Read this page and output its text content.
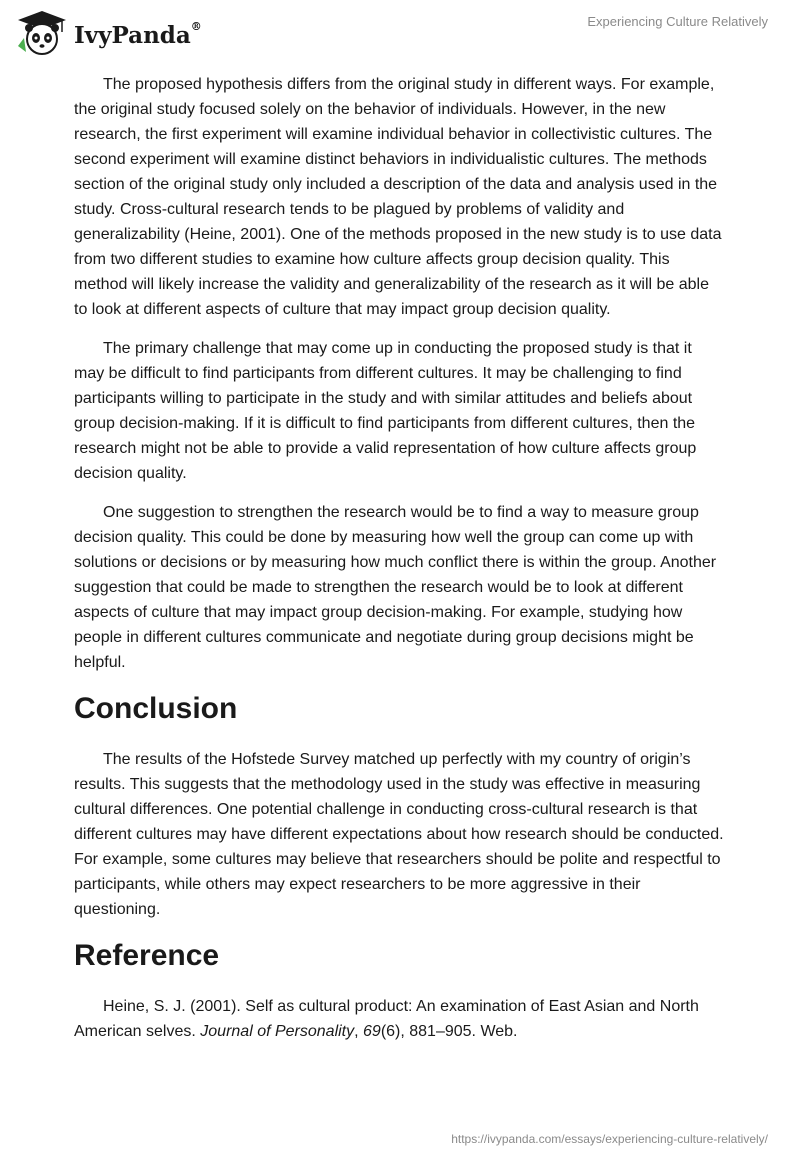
IvyPanda®	Experiencing Culture Relatively

The proposed hypothesis differs from the original study in different ways. For example, the original study focused solely on the behavior of individuals. However, in the new research, the first experiment will examine individual behavior in collectivistic cultures. The second experiment will examine distinct behaviors in individualistic cultures. The methods section of the original study only included a description of the data and analysis used in the study. Cross-cultural research tends to be plagued by problems of validity and generalizability (Heine, 2001). One of the methods proposed in the new study is to use data from two different studies to examine how culture affects group decision quality. This method will likely increase the validity and generalizability of the research as it will be able to look at different aspects of culture that may impact group decision quality.

The primary challenge that may come up in conducting the proposed study is that it may be difficult to find participants from different cultures. It may be challenging to find participants willing to participate in the study and with similar attitudes and beliefs about group decision-making. If it is difficult to find participants from different cultures, then the research might not be able to provide a valid representation of how culture affects group decision quality.

One suggestion to strengthen the research would be to find a way to measure group decision quality. This could be done by measuring how well the group can come up with solutions or decisions or by measuring how much conflict there is within the group. Another suggestion that could be made to strengthen the research would be to look at different aspects of culture that may impact group decision-making. For example, studying how people in different cultures communicate and negotiate during group decisions might be helpful.

Conclusion

The results of the Hofstede Survey matched up perfectly with my country of origin’s results. This suggests that the methodology used in the study was effective in measuring cultural differences. One potential challenge in conducting cross-cultural research is that different cultures may have different expectations about how research should be conducted. For example, some cultures may believe that researchers should be polite and respectful to participants, while others may expect researchers to be more aggressive in their questioning.

Reference

Heine, S. J. (2001). Self as cultural product: An examination of East Asian and North American selves. Journal of Personality, 69(6), 881–905. Web.

https://ivypanda.com/essays/experiencing-culture-relatively/
